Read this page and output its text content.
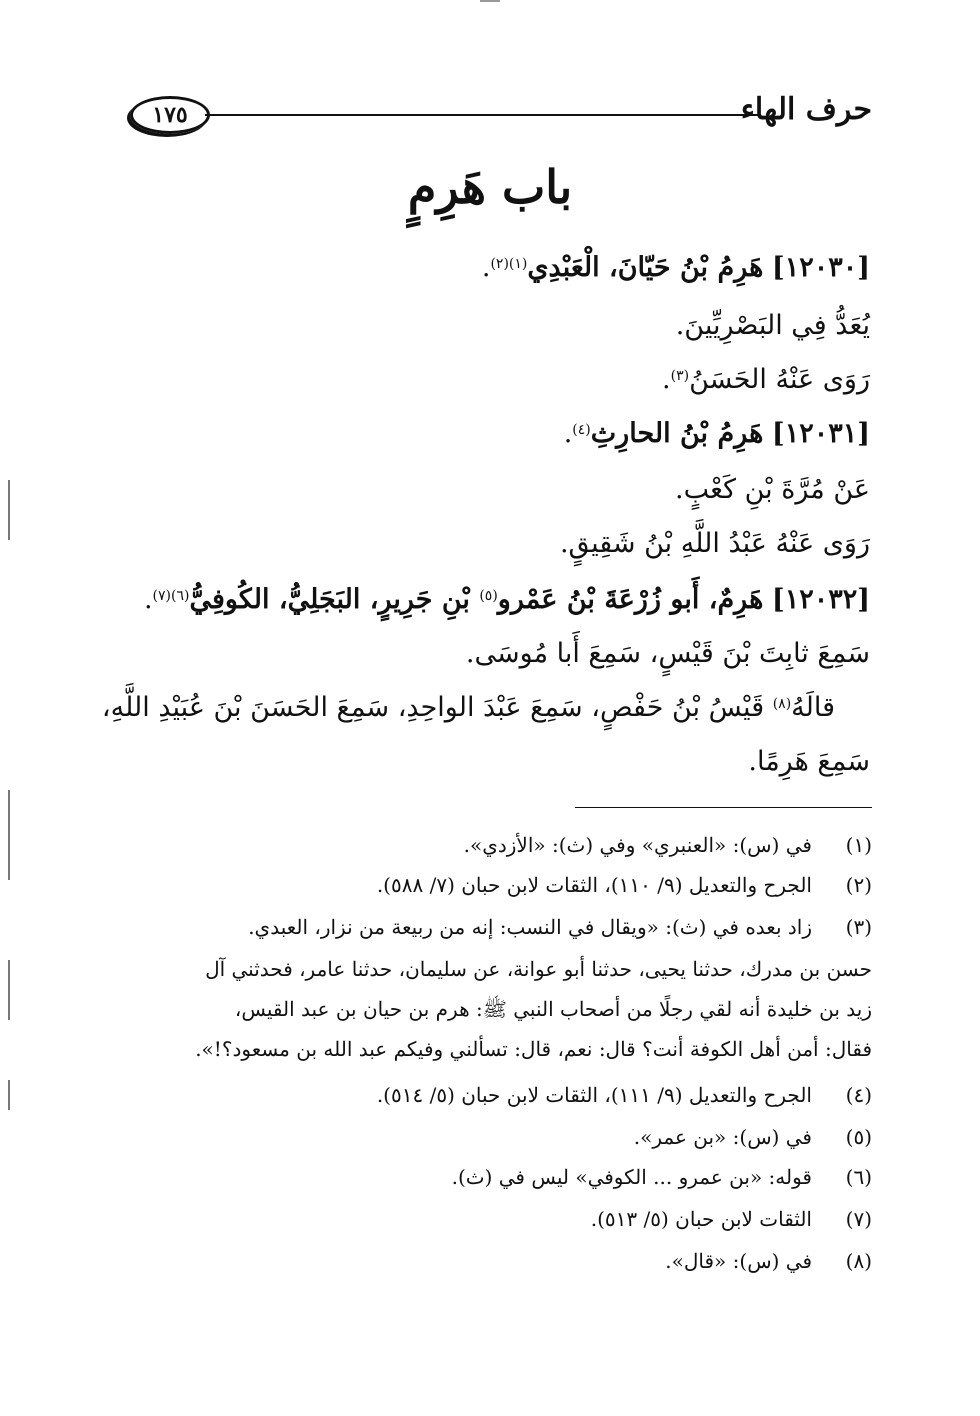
حرف الهاء
١٧٥
باب هَرِمٍ
[١٢٠٣٠] هَرِمُ بْنُ حَيّانَ، الْعَبْدِي$^{(١)(٢)}$.
يُعَدُّ فِي البَصْرِيِّينَ.
رَوَى عَنْهُ الحَسَنُ$^{(٣)}$.
[١٢٠٣١] هَرِمُ بْنُ الحارِثِ$^{(٤)}$.
عَنْ مُرَّةَ بْنِ كَعْبٍ.
رَوَى عَنْهُ عَبْدُ اللَّهِ بْنُ شَقِيقٍ.
[١٢٠٣٢] هَرِمٌ، أَبو زُرْعَةَ بْنُ عَمْرو$^{(٥)}$ بْنِ جَرِيرٍ، البَجَلِيُّ، الكُوفِيُّ$^{(٦)(٧)}$.
سَمِعَ ثابِتَ بْنَ قَيْسٍ، سَمِعَ أَبا مُوسَى.
قالَهُ$^{(٨)}$ قَيْسُ بْنُ حَفْصٍ، سَمِعَ عَبْدَ الواحِدِ، سَمِعَ الحَسَنَ بْنَ عُبَيْدِ اللَّهِ،
سَمِعَ هَرِمًا.
(١)في (س): «العنبري» وفي (ث): «الأزدي».
(٢)الجرح والتعديل (٩/ ١١٠)، الثقات لابن حبان (٧/ ٥٨٨).
(٣)زاد بعده في (ث): «ويقال في النسب: إنه من ربيعة من نزار، العبدي.
حسن بن مدرك، حدثنا يحيى، حدثنا أبو عوانة، عن سليمان، حدثنا عامر، فحدثني آل
زيد بن خليدة أنه لقي رجلًا من أصحاب النبي ﷺ: هرم بن حيان بن عبد القيس،
فقال: أمن أهل الكوفة أنت؟ قال: نعم، قال: تسألني وفيكم عبد الله بن مسعود؟!».
(٤)الجرح والتعديل (٩/ ١١١)، الثقات لابن حبان (٥/ ٥١٤).
(٥)في (س): «بن عمر».
(٦)قوله: «بن عمرو ... الكوفي» ليس في (ث).
(٧)الثقات لابن حبان (٥/ ٥١٣).
(٨)في (س): «قال».
